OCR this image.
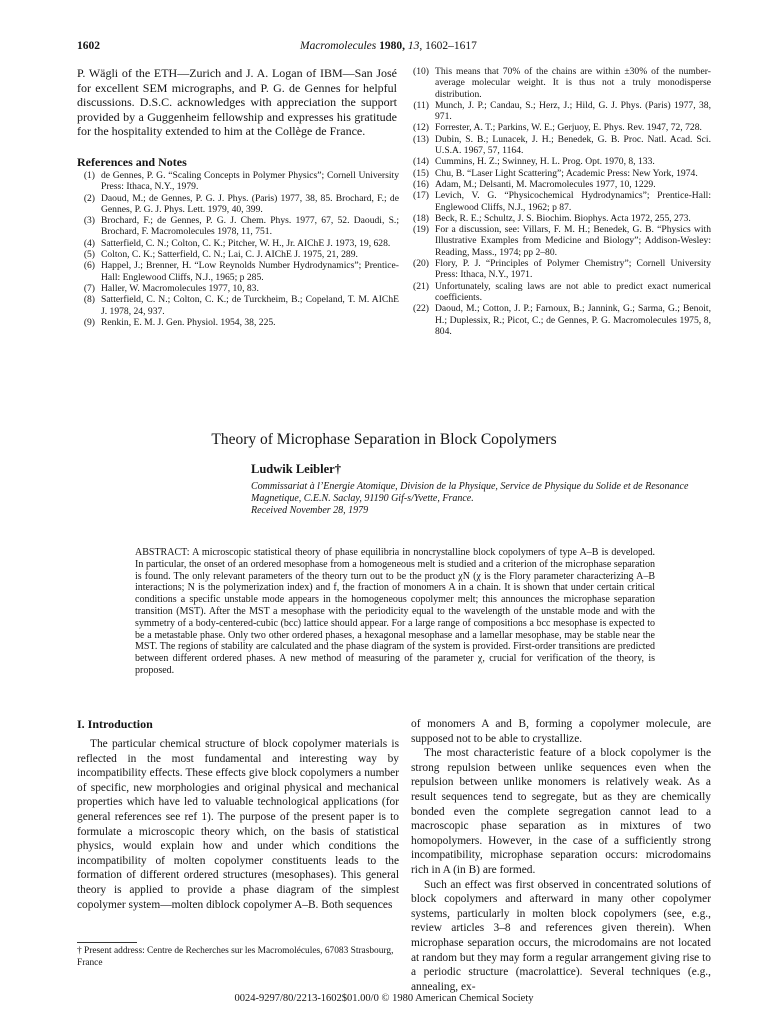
1602	Macromolecules 1980, 13, 1602–1617
P. Wägli of the ETH—Zurich and J. A. Logan of IBM—San José for excellent SEM micrographs, and P. G. de Gennes for helpful discussions. D.S.C. acknowledges with appreciation the support provided by a Guggenheim fellowship and expresses his gratitude for the hospitality extended to him at the Collège de France.
References and Notes
(1) de Gennes, P. G. “Scaling Concepts in Polymer Physics”; Cornell University Press: Ithaca, N.Y., 1979.
(2) Daoud, M.; de Gennes, P. G. J. Phys. (Paris) 1977, 38, 85. Brochard, F.; de Gennes, P. G. J. Phys. Lett. 1979, 40, 399.
(3) Brochard, F.; de Gennes, P. G. J. Chem. Phys. 1977, 67, 52. Daoudi, S.; Brochard, F. Macromolecules 1978, 11, 751.
(4) Satterfield, C. N.; Colton, C. K.; Pitcher, W. H., Jr. AIChE J. 1973, 19, 628.
(5) Colton, C. K.; Satterfield, C. N.; Lai, C. J. AIChE J. 1975, 21, 289.
(6) Happel, J.; Brenner, H. “Low Reynolds Number Hydrodynamics”; Prentice-Hall: Englewood Cliffs, N.J., 1965; p 285.
(7) Haller, W. Macromolecules 1977, 10, 83.
(8) Satterfield, C. N.; Colton, C. K.; de Turckheim, B.; Copeland, T. M. AIChE J. 1978, 24, 937.
(9) Renkin, E. M. J. Gen. Physiol. 1954, 38, 225.
(10) This means that 70% of the chains are within ±30% of the number-average molecular weight. It is thus not a truly monodisperse distribution.
(11) Munch, J. P.; Candau, S.; Herz, J.; Hild, G. J. Phys. (Paris) 1977, 38, 971.
(12) Forrester, A. T.; Parkins, W. E.; Gerjuoy, E. Phys. Rev. 1947, 72, 728.
(13) Dubin, S. B.; Lunacek, J. H.; Benedek, G. B. Proc. Natl. Acad. Sci. U.S.A. 1967, 57, 1164.
(14) Cummins, H. Z.; Swinney, H. L. Prog. Opt. 1970, 8, 133.
(15) Chu, B. “Laser Light Scattering”; Academic Press: New York, 1974.
(16) Adam, M.; Delsanti, M. Macromolecules 1977, 10, 1229.
(17) Levich, V. G. “Physicochemical Hydrodynamics”; Prentice-Hall: Englewood Cliffs, N.J., 1962; p 87.
(18) Beck, R. E.; Schultz, J. S. Biochim. Biophys. Acta 1972, 255, 273.
(19) For a discussion, see: Villars, F. M. H.; Benedek, G. B. “Physics with Illustrative Examples from Medicine and Biology”; Addison-Wesley: Reading, Mass., 1974; pp 2–80.
(20) Flory, P. J. “Principles of Polymer Chemistry”; Cornell University Press: Ithaca, N.Y., 1971.
(21) Unfortunately, scaling laws are not able to predict exact numerical coefficients.
(22) Daoud, M.; Cotton, J. P.; Farnoux, B.; Jannink, G.; Sarma, G.; Benoit, H.; Duplessix, R.; Picot, C.; de Gennes, P. G. Macromolecules 1975, 8, 804.
Theory of Microphase Separation in Block Copolymers
Ludwik Leibler†
Commissariat à l’Energie Atomique, Division de la Physique, Service de Physique du Solide et de Resonance Magnetique, C.E.N. Saclay, 91190 Gif-s/Yvette, France.
Received November 28, 1979
ABSTRACT: A microscopic statistical theory of phase equilibria in noncrystalline block copolymers of type A–B is developed. In particular, the onset of an ordered mesophase from a homogeneous melt is studied and a criterion of the microphase separation is found. The only relevant parameters of the theory turn out to be the product χN (χ is the Flory parameter characterizing A–B interactions; N is the polymerization index) and f, the fraction of monomers A in a chain. It is shown that under certain critical conditions a specific unstable mode appears in the homogeneous copolymer melt; this announces the microphase separation transition (MST). After the MST a mesophase with the periodicity equal to the wavelength of the unstable mode and with the symmetry of a body-centered-cubic (bcc) lattice should appear. For a large range of compositions a bcc mesophase is expected to be a metastable phase. Only two other ordered phases, a hexagonal mesophase and a lamellar mesophase, may be stable near the MST. The regions of stability are calculated and the phase diagram of the system is provided. First-order transitions are predicted between different ordered phases. A new method of measuring of the parameter χ, crucial for verification of the theory, is proposed.
I. Introduction
The particular chemical structure of block copolymer materials is reflected in the most fundamental and interesting way by incompatibility effects. These effects give block copolymers a number of specific, new morphologies and original physical and mechanical properties which have led to valuable technological applications (for general references see ref 1). The purpose of the present paper is to formulate a microscopic theory which, on the basis of statistical physics, would explain how and under which conditions the incompatibility of molten copolymer constituents leads to the formation of different ordered structures (mesophases). This general theory is applied to provide a phase diagram of the simplest copolymer system—molten diblock copolymer A–B. Both sequences

of monomers A and B, forming a copolymer molecule, are supposed not to be able to crystallize.

The most characteristic feature of a block copolymer is the strong repulsion between unlike sequences even when the repulsion between unlike monomers is relatively weak. As a result sequences tend to segregate, but as they are chemically bonded even the complete segregation cannot lead to a macroscopic phase separation as in mixtures of two homopolymers. However, in the case of a sufficiently strong incompatibility, microphase separation occurs: microdomains rich in A (in B) are formed.

Such an effect was first observed in concentrated solutions of block copolymers and afterward in many other copolymer systems, particularly in molten block copolymers (see, e.g., review articles 3–8 and references given therein). When microphase separation occurs, the microdomains are not located at random but they may form a regular arrangement giving rise to a periodic structure (macrolattice). Several techniques (e.g., annealing, ex-

† Present address: Centre de Recherches sur les Macromolécules, 67083 Strasbourg, France
0024-9297/80/2213-1602$01.00/0 © 1980 American Chemical Society
